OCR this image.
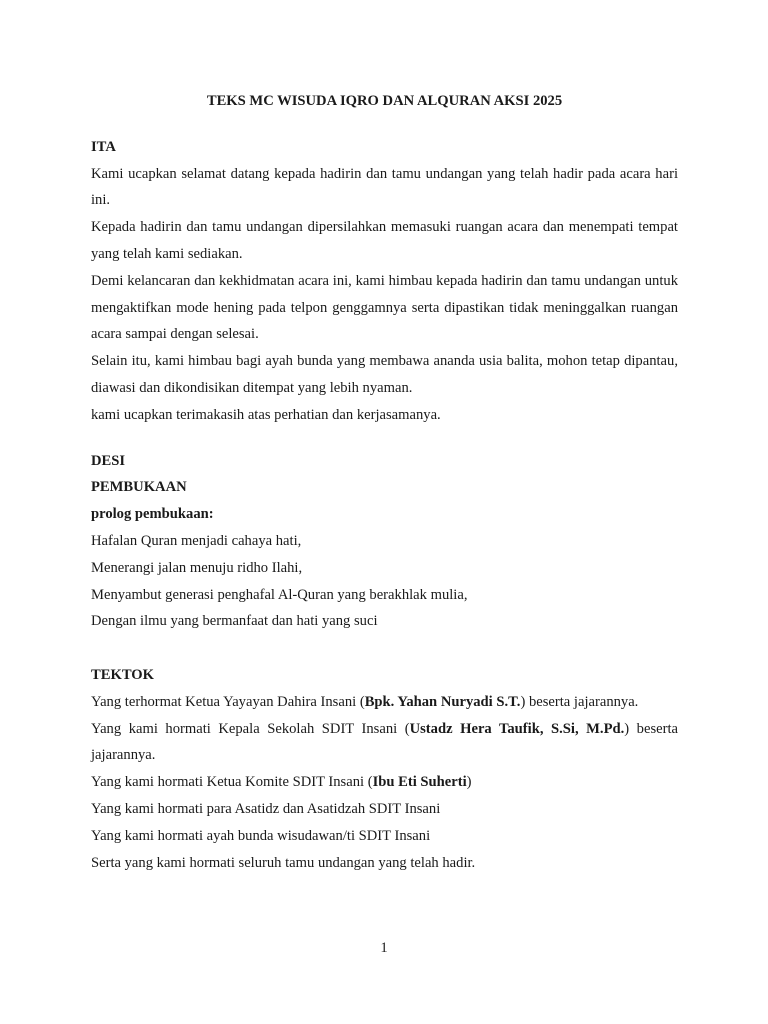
TEKS MC WISUDA IQRO DAN ALQURAN AKSI 2025
ITA

Kami ucapkan selamat datang kepada hadirin dan tamu undangan yang telah hadir pada acara hari ini.

Kepada hadirin dan tamu undangan dipersilahkan memasuki ruangan acara dan menempati tempat yang telah kami sediakan.

Demi kelancaran dan kekhidmatan acara ini, kami himbau kepada hadirin dan tamu undangan untuk mengaktifkan mode hening pada telpon genggamnya serta dipastikan tidak meninggalkan ruangan acara sampai dengan selesai.

Selain itu, kami himbau bagi ayah bunda yang membawa ananda usia balita, mohon tetap dipantau, diawasi dan dikondisikan ditempat yang lebih nyaman.

kami ucapkan terimakasih atas perhatian dan kerjasamanya.

DESI
PEMBUKAAN
prolog pembukaan:

Hafalan Quran menjadi cahaya hati,

Menerangi jalan menuju ridho Ilahi,

Menyambut generasi penghafal Al-Quran yang berakhlak mulia,

Dengan ilmu yang bermanfaat dan hati yang suci

TEKTOK

Yang terhormat Ketua Yayayan Dahira Insani (Bpk. Yahan Nuryadi S.T.) beserta jajarannya.

Yang kami hormati Kepala Sekolah SDIT Insani (Ustadz Hera Taufik, S.Si, M.Pd.) beserta jajarannya.

Yang kami hormati Ketua Komite SDIT Insani (Ibu Eti Suherti)

Yang kami hormati para Asatidz dan Asatidzah SDIT Insani

Yang kami hormati ayah bunda wisudawan/ti SDIT Insani

Serta yang kami hormati seluruh tamu undangan yang telah hadir.

1
